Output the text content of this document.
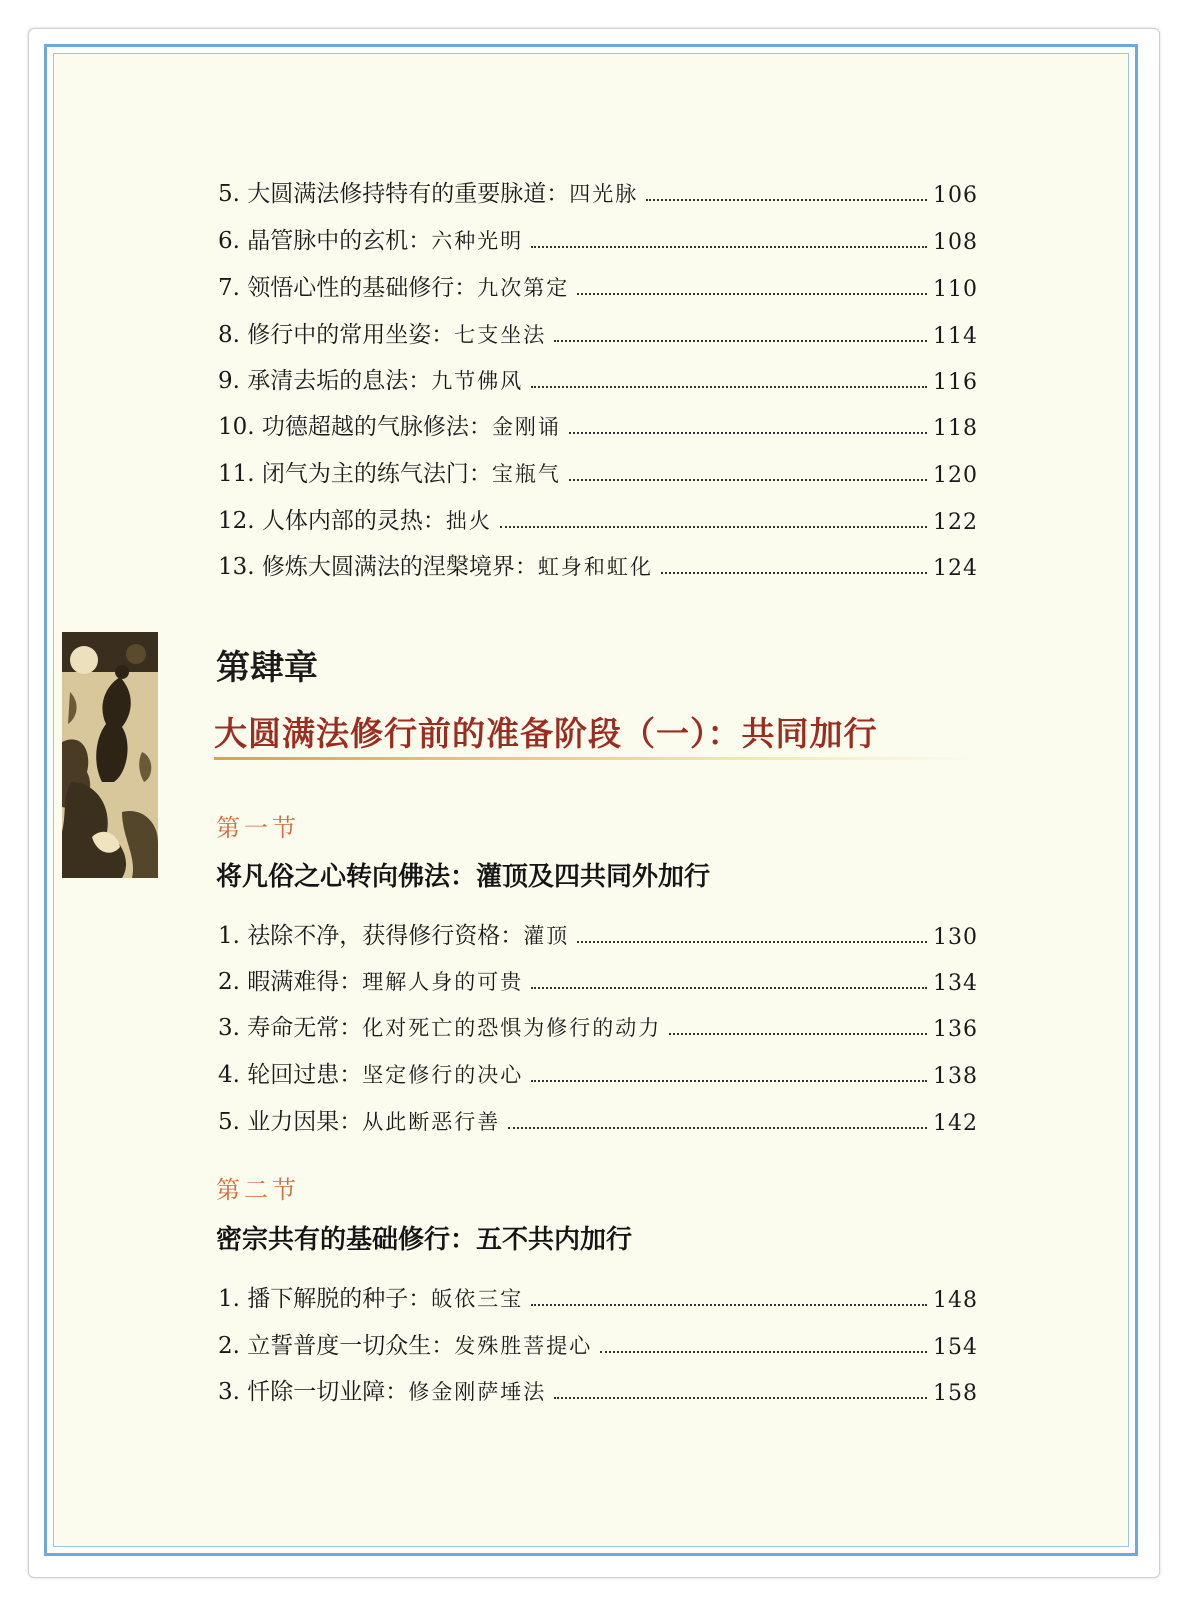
5. 大圆满法修持特有的重要脉道： 四光脉	106
6. 晶管脉中的玄机： 六种光明	108
7. 领悟心性的基础修行： 九次第定	110
8. 修行中的常用坐姿： 七支坐法	114
9. 承清去垢的息法： 九节佛风	116
10. 功德超越的气脉修法： 金刚诵	118
11. 闭气为主的练气法门： 宝瓶气	120
12. 人体内部的灵热： 拙火	122
13. 修炼大圆满法的涅槃境界： 虹身和虹化	124
第肆章
大圆满法修行前的准备阶段（一）：共同加行
第一节
将凡俗之心转向佛法：灌顶及四共同外加行
1. 祛除不净，获得修行资格： 灌顶	130
2. 暇满难得： 理解人身的可贵	134
3. 寿命无常： 化对死亡的恐惧为修行的动力	136
4. 轮回过患： 坚定修行的决心	138
5. 业力因果： 从此断恶行善	142
第二节
密宗共有的基础修行：五不共内加行
1. 播下解脱的种子： 皈依三宝	148
2. 立誓普度一切众生： 发殊胜菩提心	154
3. 忏除一切业障： 修金刚萨埵法	158
